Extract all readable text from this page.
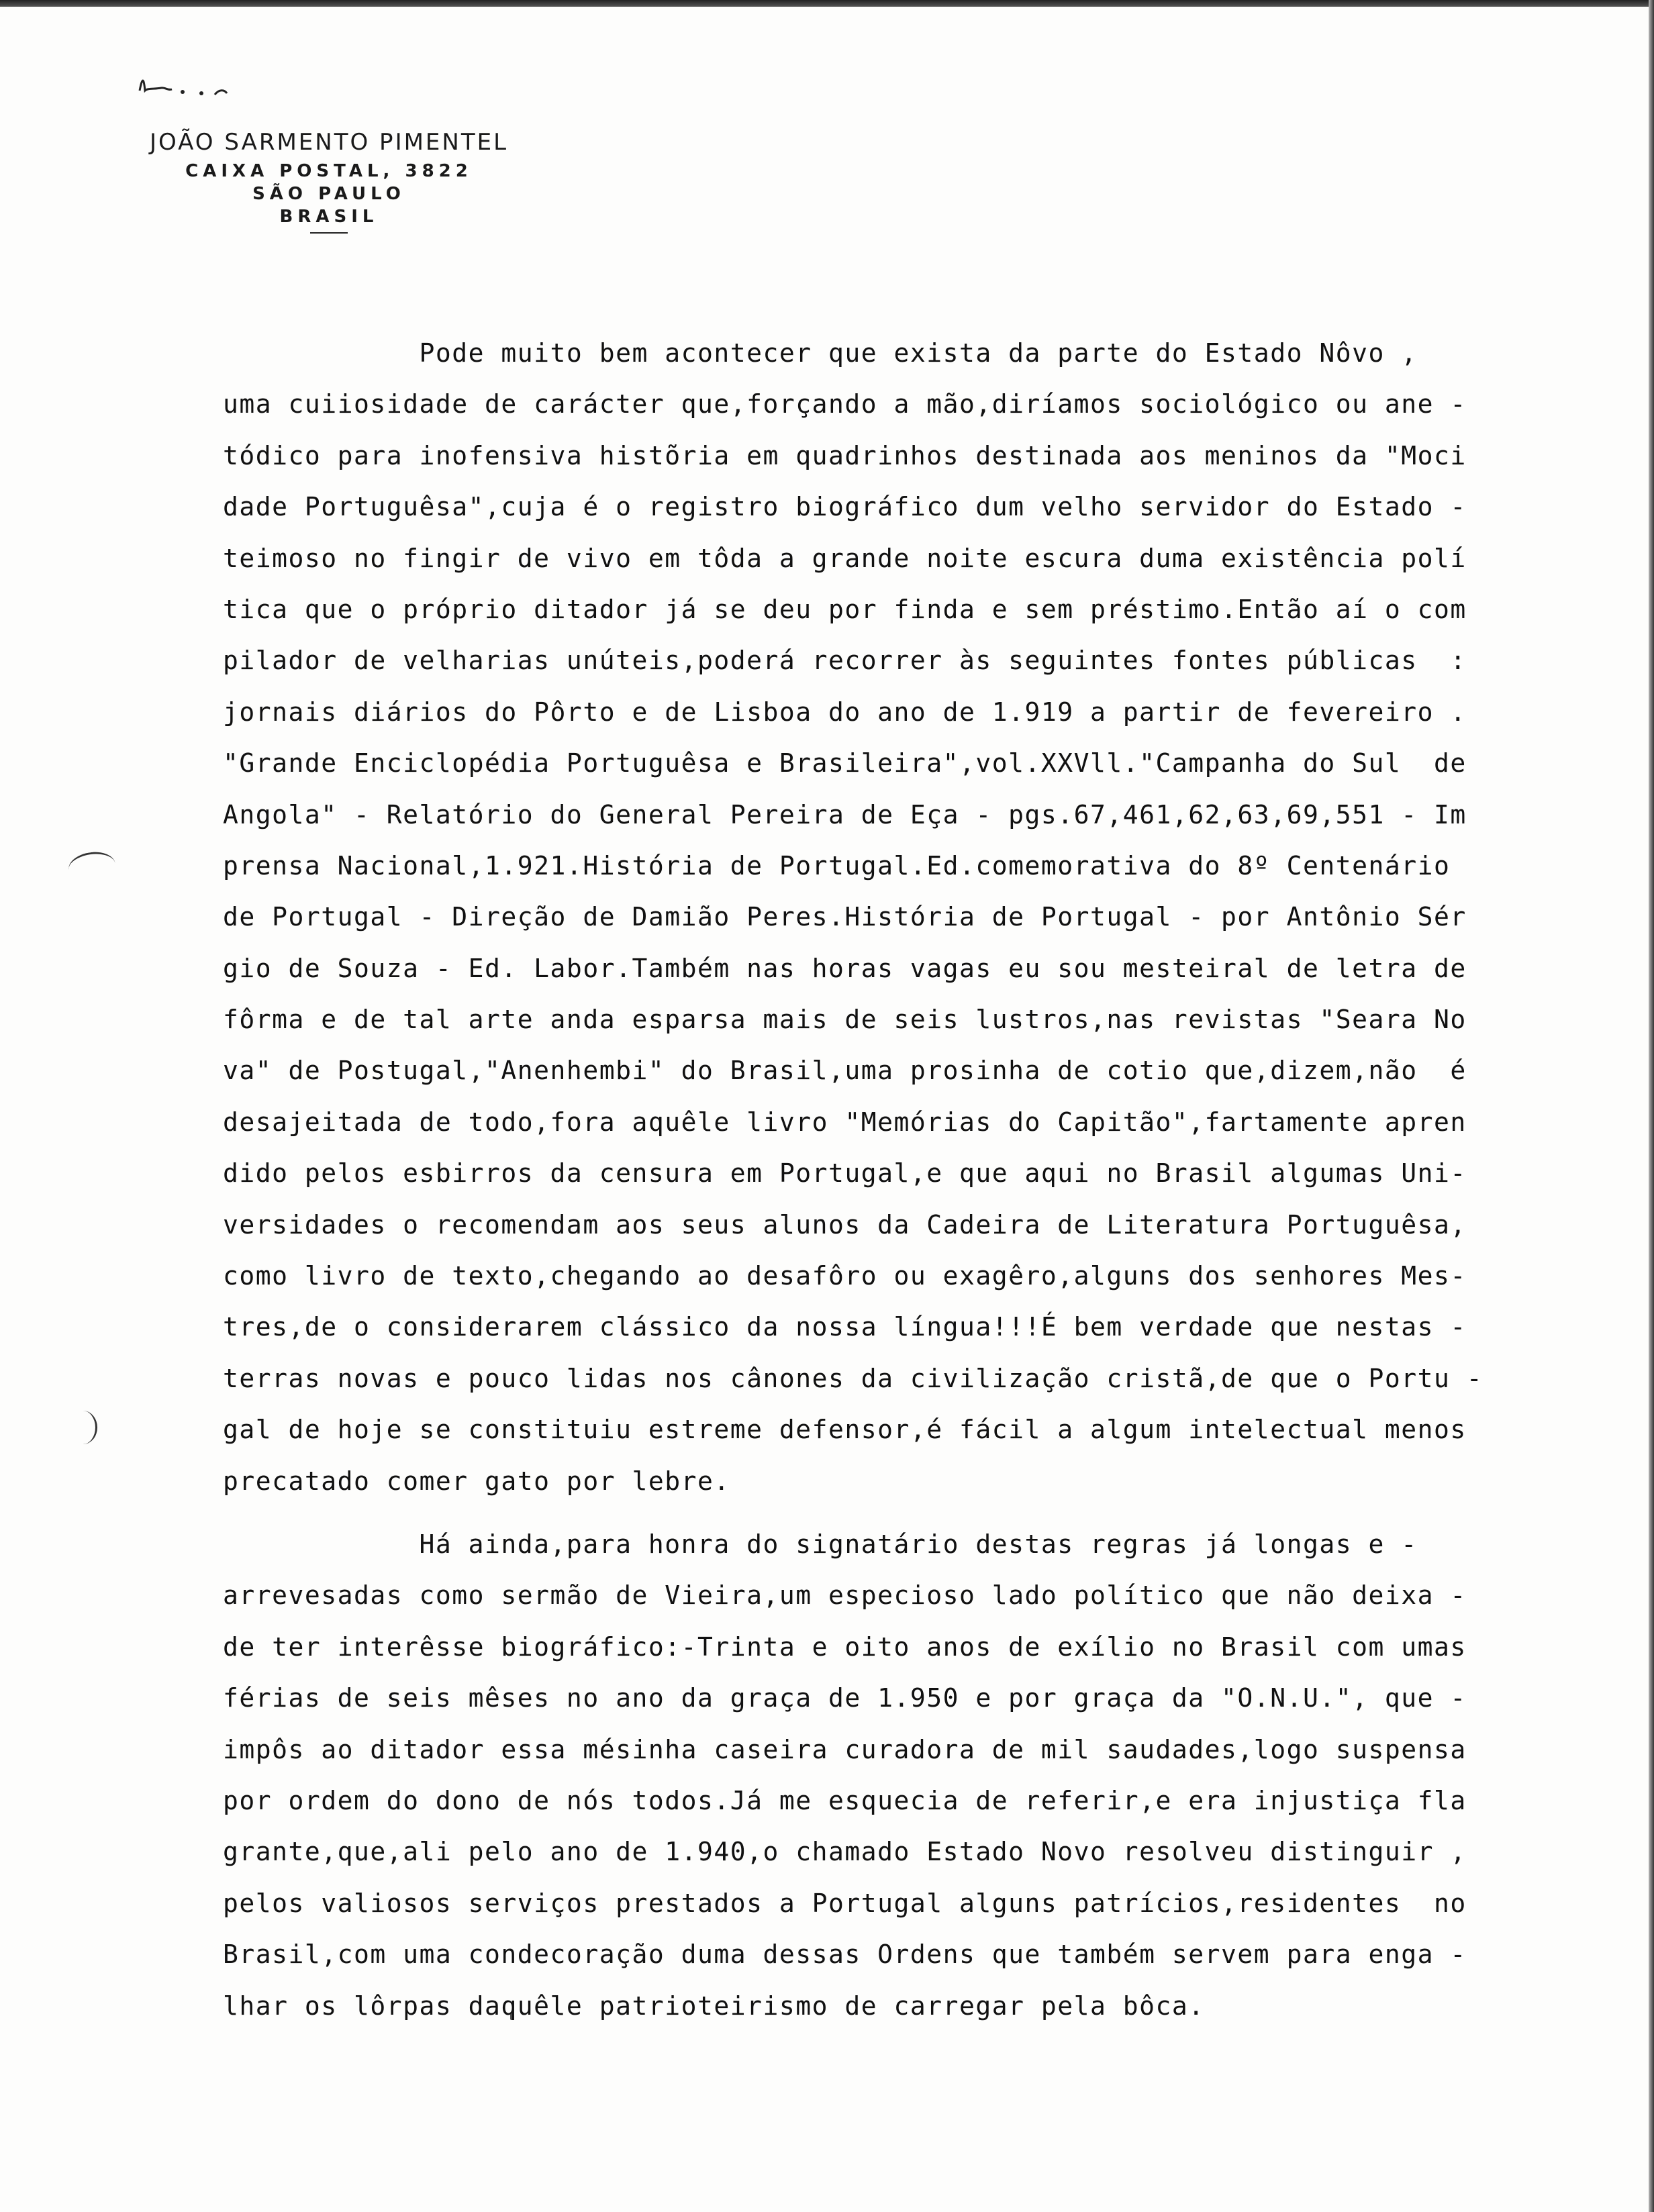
JOÃO SARMENTO PIMENTEL
CAIXA POSTAL, 3822
SÃO PAULO
BRASIL
Pode muito bem acontecer que exista da parte do Estado Nôvo ,
uma cuiiosidade de carácter que,forçando a mão,diríamos sociológico ou ane -
tódico para inofensiva histõria em quadrinhos destinada aos meninos da "Moci
dade Portuguêsa",cuja é o registro biográfico dum velho servidor do Estado -
teimoso no fingir de vivo em tôda a grande noite escura duma existência polí
tica que o próprio ditador já se deu por finda e sem préstimo.Então aí o com
pilador de velharias unúteis,poderá recorrer às seguintes fontes públicas  :
jornais diários do Pôrto e de Lisboa do ano de 1.919 a partir de fevereiro .
"Grande Enciclopédia Portuguêsa e Brasileira",vol.XXVll."Campanha do Sul  de
Angola" - Relatório do General Pereira de Eça - pgs.67,461,62,63,69,551 - Im
prensa Nacional,1.921.História de Portugal.Ed.comemorativa do 8º Centenário
de Portugal - Direção de Damião Peres.História de Portugal - por Antônio Sér
gio de Souza - Ed. Labor.Também nas horas vagas eu sou mesteiral de letra de
fôrma e de tal arte anda esparsa mais de seis lustros,nas revistas "Seara No
va" de Postugal,"Anenhembi" do Brasil,uma prosinha de cotio que,dizem,não  é
desajeitada de todo,fora aquêle livro "Memórias do Capitão",fartamente apren
dido pelos esbirros da censura em Portugal,e que aqui no Brasil algumas Uni-
versidades o recomendam aos seus alunos da Cadeira de Literatura Portuguêsa,
como livro de texto,chegando ao desafôro ou exagêro,alguns dos senhores Mes-
tres,de o considerarem clássico da nossa língua!!!É bem verdade que nestas -
terras novas e pouco lidas nos cânones da civilização cristã,de que o Portu -
gal de hoje se constituiu estreme defensor,é fácil a algum intelectual menos
precatado comer gato por lebre.
Há ainda,para honra do signatário destas regras já longas e -
arrevesadas como sermão de Vieira,um especioso lado político que não deixa -
de ter interêsse biográfico:-Trinta e oito anos de exílio no Brasil com umas
férias de seis mêses no ano da graça de 1.950 e por graça da "O.N.U.", que -
impôs ao ditador essa mésinha caseira curadora de mil saudades,logo suspensa
por ordem do dono de nós todos.Já me esquecia de referir,e era injustiça fla
grante,que,ali pelo ano de 1.940,o chamado Estado Novo resolveu distinguir ,
pelos valiosos serviços prestados a Portugal alguns patrícios,residentes  no
Brasil,com uma condecoração duma dessas Ordens que também servem para enga -
lhar os lôrpas daquêle patrioteirismo de carregar pela bôca.
